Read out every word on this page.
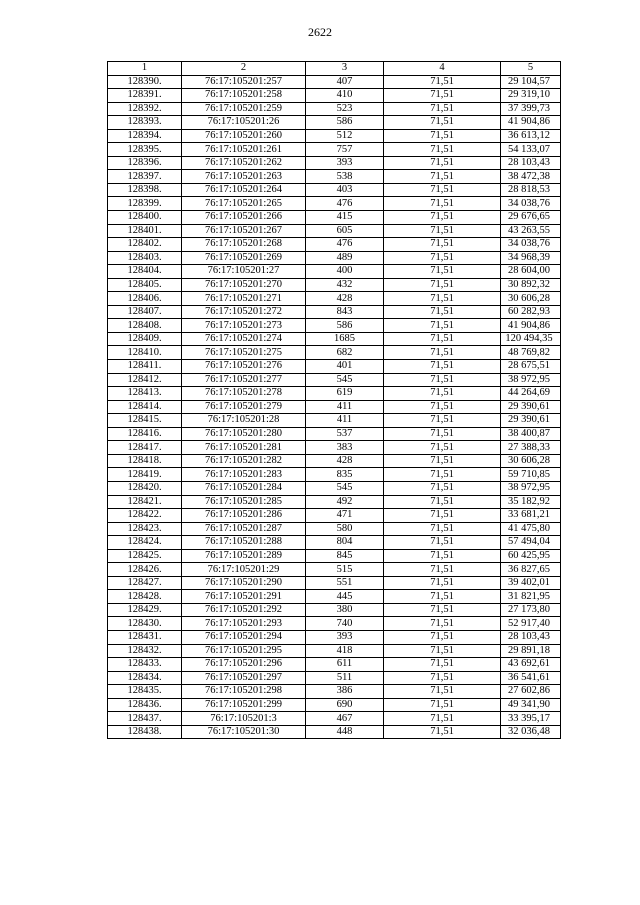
2622
1	2	3	4	5
128390.	76:17:105201:257	407	71,51	29 104,57
128391.	76:17:105201:258	410	71,51	29 319,10
128392.	76:17:105201:259	523	71,51	37 399,73
128393.	76:17:105201:26	586	71,51	41 904,86
128394.	76:17:105201:260	512	71,51	36 613,12
128395.	76:17:105201:261	757	71,51	54 133,07
128396.	76:17:105201:262	393	71,51	28 103,43
128397.	76:17:105201:263	538	71,51	38 472,38
128398.	76:17:105201:264	403	71,51	28 818,53
128399.	76:17:105201:265	476	71,51	34 038,76
128400.	76:17:105201:266	415	71,51	29 676,65
128401.	76:17:105201:267	605	71,51	43 263,55
128402.	76:17:105201:268	476	71,51	34 038,76
128403.	76:17:105201:269	489	71,51	34 968,39
128404.	76:17:105201:27	400	71,51	28 604,00
128405.	76:17:105201:270	432	71,51	30 892,32
128406.	76:17:105201:271	428	71,51	30 606,28
128407.	76:17:105201:272	843	71,51	60 282,93
128408.	76:17:105201:273	586	71,51	41 904,86
128409.	76:17:105201:274	1685	71,51	120 494,35
128410.	76:17:105201:275	682	71,51	48 769,82
128411.	76:17:105201:276	401	71,51	28 675,51
128412.	76:17:105201:277	545	71,51	38 972,95
128413.	76:17:105201:278	619	71,51	44 264,69
128414.	76:17:105201:279	411	71,51	29 390,61
128415.	76:17:105201:28	411	71,51	29 390,61
128416.	76:17:105201:280	537	71,51	38 400,87
128417.	76:17:105201:281	383	71,51	27 388,33
128418.	76:17:105201:282	428	71,51	30 606,28
128419.	76:17:105201:283	835	71,51	59 710,85
128420.	76:17:105201:284	545	71,51	38 972,95
128421.	76:17:105201:285	492	71,51	35 182,92
128422.	76:17:105201:286	471	71,51	33 681,21
128423.	76:17:105201:287	580	71,51	41 475,80
128424.	76:17:105201:288	804	71,51	57 494,04
128425.	76:17:105201:289	845	71,51	60 425,95
128426.	76:17:105201:29	515	71,51	36 827,65
128427.	76:17:105201:290	551	71,51	39 402,01
128428.	76:17:105201:291	445	71,51	31 821,95
128429.	76:17:105201:292	380	71,51	27 173,80
128430.	76:17:105201:293	740	71,51	52 917,40
128431.	76:17:105201:294	393	71,51	28 103,43
128432.	76:17:105201:295	418	71,51	29 891,18
128433.	76:17:105201:296	611	71,51	43 692,61
128434.	76:17:105201:297	511	71,51	36 541,61
128435.	76:17:105201:298	386	71,51	27 602,86
128436.	76:17:105201:299	690	71,51	49 341,90
128437.	76:17:105201:3	467	71,51	33 395,17
128438.	76:17:105201:30	448	71,51	32 036,48
